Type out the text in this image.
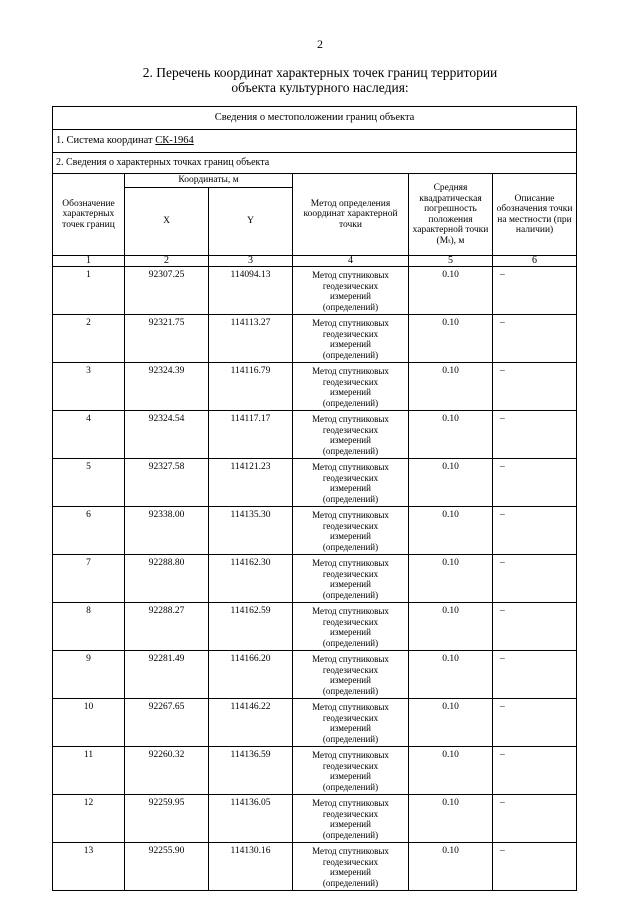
2
2. Перечень координат характерных точек границ территории
объекта культурного наследия:
Сведения о местоположении границ объекта					
1. Система координат СК-1964					
2. Сведения о характерных точках границ объекта					
Обозначение характерных точек границ	Координаты, м		Метод определения координат характерной точки	Средняя квадратическая погрешность положения характерной точки (Mₜ), м	Описание обозначения точки на местности (при наличии)
	X	Y			
1	2	3	4	5	6
1	92307.25	114094.13	Метод спутниковых
геодезических
измерений
(определений)	0.10	–
2	92321.75	114113.27	Метод спутниковых
геодезических
измерений
(определений)	0.10	–
3	92324.39	114116.79	Метод спутниковых
геодезических
измерений
(определений)	0.10	–
4	92324.54	114117.17	Метод спутниковых
геодезических
измерений
(определений)	0.10	–
5	92327.58	114121.23	Метод спутниковых
геодезических
измерений
(определений)	0.10	–
6	92338.00	114135.30	Метод спутниковых
геодезических
измерений
(определений)	0.10	–
7	92288.80	114162.30	Метод спутниковых
геодезических
измерений
(определений)	0.10	–
8	92288.27	114162.59	Метод спутниковых
геодезических
измерений
(определений)	0.10	–
9	92281.49	114166.20	Метод спутниковых
геодезических
измерений
(определений)	0.10	–
10	92267.65	114146.22	Метод спутниковых
геодезических
измерений
(определений)	0.10	–
11	92260.32	114136.59	Метод спутниковых
геодезических
измерений
(определений)	0.10	–
12	92259.95	114136.05	Метод спутниковых
геодезических
измерений
(определений)	0.10	–
13	92255.90	114130.16	Метод спутниковых
геодезических
измерений
(определений)	0.10	–
